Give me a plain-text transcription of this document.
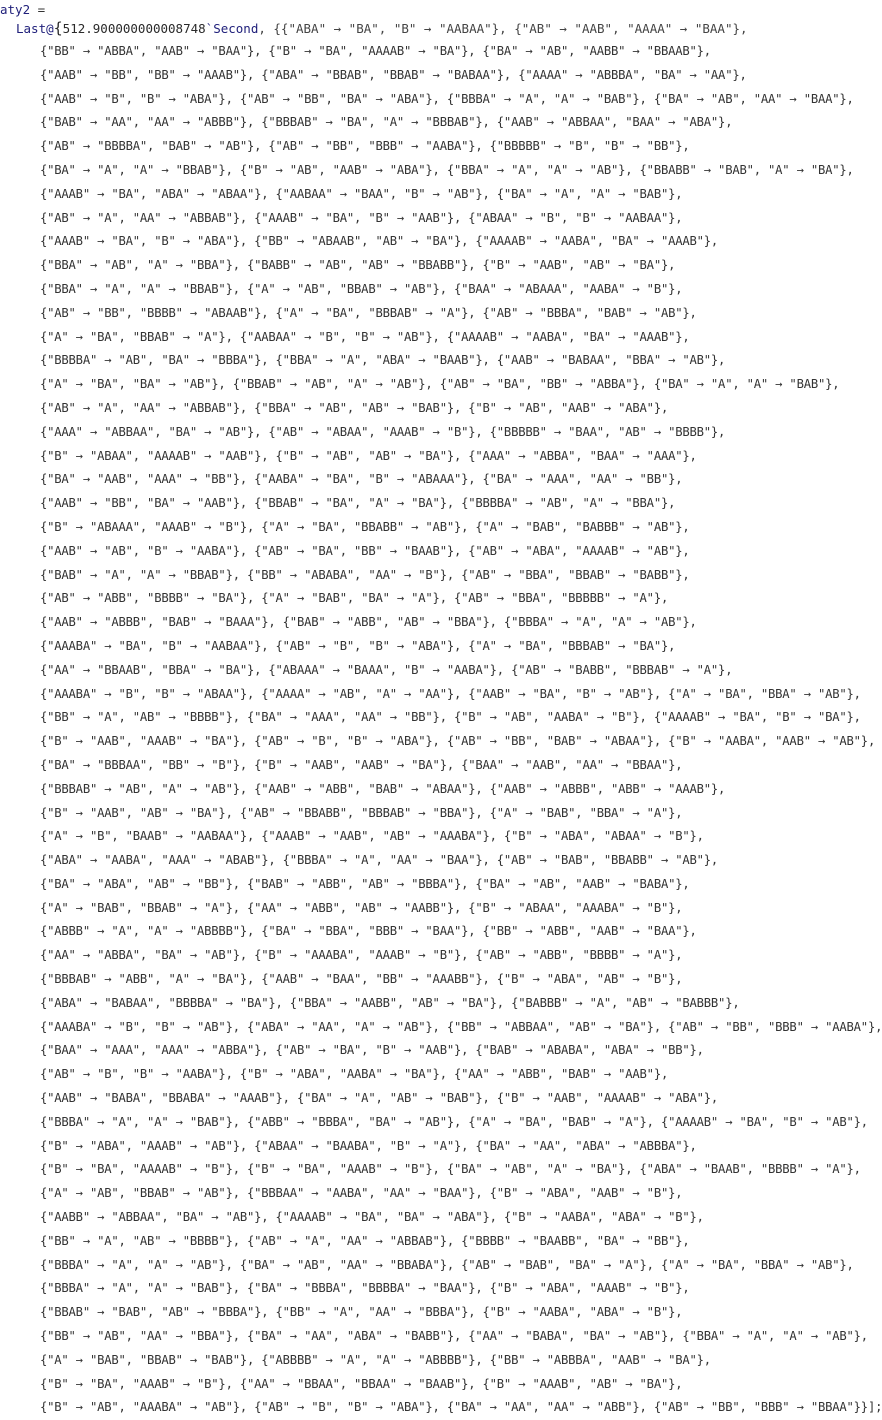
aty2 =
Last@{512.900000000008748`Second, {{"ABA" → "BA", "B" → "AABAA"}, {"AB" → "AAB", "AAAA" → "BAA"},
{"BB" → "ABBA", "AAB" → "BAA"}, {"B" → "BA", "AAAAB" → "BA"}, {"BA" → "AB", "AABB" → "BBAAB"},
{"AAB" → "BB", "BB" → "AAAB"}, {"ABA" → "BBAB", "BBAB" → "BABAA"}, {"AAAA" → "ABBBA", "BA" → "AA"},
{"AAB" → "B", "B" → "ABA"}, {"AB" → "BB", "BA" → "ABA"}, {"BBBA" → "A", "A" → "BAB"}, {"BA" → "AB", "AA" → "BAA"},
{"BAB" → "AA", "AA" → "ABBB"}, {"BBBAB" → "BA", "A" → "BBBAB"}, {"AAB" → "ABBAA", "BAA" → "ABA"},
{"AB" → "BBBBA", "BAB" → "AB"}, {"AB" → "BB", "BBB" → "AABA"}, {"BBBBB" → "B", "B" → "BB"},
{"BA" → "A", "A" → "BBAB"}, {"B" → "AB", "AAB" → "ABA"}, {"BBA" → "A", "A" → "AB"}, {"BBABB" → "BAB", "A" → "BA"},
{"AAAB" → "BA", "ABA" → "ABAA"}, {"AABAA" → "BAA", "B" → "AB"}, {"BA" → "A", "A" → "BAB"},
{"AB" → "A", "AA" → "ABBAB"}, {"AAAB" → "BA", "B" → "AAB"}, {"ABAA" → "B", "B" → "AABAA"},
{"AAAB" → "BA", "B" → "ABA"}, {"BB" → "ABAAB", "AB" → "BA"}, {"AAAAB" → "AABA", "BA" → "AAAB"},
{"BBA" → "AB", "A" → "BBA"}, {"BABB" → "AB", "AB" → "BBABB"}, {"B" → "AAB", "AB" → "BA"},
{"BBA" → "A", "A" → "BBAB"}, {"A" → "AB", "BBAB" → "AB"}, {"BAA" → "ABAAA", "AABA" → "B"},
{"AB" → "BB", "BBBB" → "ABAAB"}, {"A" → "BA", "BBBAB" → "A"}, {"AB" → "BBBA", "BAB" → "AB"},
{"A" → "BA", "BBAB" → "A"}, {"AABAA" → "B", "B" → "AB"}, {"AAAAB" → "AABA", "BA" → "AAAB"},
{"BBBBA" → "AB", "BA" → "BBBA"}, {"BBA" → "A", "ABA" → "BAAB"}, {"AAB" → "BABAA", "BBA" → "AB"},
{"A" → "BA", "BA" → "AB"}, {"BBAB" → "AB", "A" → "AB"}, {"AB" → "BA", "BB" → "ABBA"}, {"BA" → "A", "A" → "BAB"},
{"AB" → "A", "AA" → "ABBAB"}, {"BBA" → "AB", "AB" → "BAB"}, {"B" → "AB", "AAB" → "ABA"},
{"AAA" → "ABBAA", "BA" → "AB"}, {"AB" → "ABAA", "AAAB" → "B"}, {"BBBBB" → "BAA", "AB" → "BBBB"},
{"B" → "ABAA", "AAAAB" → "AAB"}, {"B" → "AB", "AB" → "BA"}, {"AAA" → "ABBA", "BAA" → "AAA"},
{"BA" → "AAB", "AAA" → "BB"}, {"AABA" → "BA", "B" → "ABAAA"}, {"BA" → "AAA", "AA" → "BB"},
{"AAB" → "BB", "BA" → "AAB"}, {"BBAB" → "BA", "A" → "BA"}, {"BBBBA" → "AB", "A" → "BBA"},
{"B" → "ABAAA", "AAAB" → "B"}, {"A" → "BA", "BBABB" → "AB"}, {"A" → "BAB", "BABBB" → "AB"},
{"AAB" → "AB", "B" → "AABA"}, {"AB" → "BA", "BB" → "BAAB"}, {"AB" → "ABA", "AAAAB" → "AB"},
{"BAB" → "A", "A" → "BBAB"}, {"BB" → "ABABA", "AA" → "B"}, {"AB" → "BBA", "BBAB" → "BABB"},
{"AB" → "ABB", "BBBB" → "BA"}, {"A" → "BAB", "BA" → "A"}, {"AB" → "BBA", "BBBBB" → "A"},
{"AAB" → "ABBB", "BAB" → "BAAA"}, {"BAB" → "ABB", "AB" → "BBA"}, {"BBBA" → "A", "A" → "AB"},
{"AAABA" → "BA", "B" → "AABAA"}, {"AB" → "B", "B" → "ABA"}, {"A" → "BA", "BBBAB" → "BA"},
{"AA" → "BBAAB", "BBA" → "BA"}, {"ABAAA" → "BAAA", "B" → "AABA"}, {"AB" → "BABB", "BBBAB" → "A"},
{"AAABA" → "B", "B" → "ABAA"}, {"AAAA" → "AB", "A" → "AA"}, {"AAB" → "BA", "B" → "AB"}, {"A" → "BA", "BBA" → "AB"},
{"BB" → "A", "AB" → "BBBB"}, {"BA" → "AAA", "AA" → "BB"}, {"B" → "AB", "AABA" → "B"}, {"AAAAB" → "BA", "B" → "BA"},
{"B" → "AAB", "AAAB" → "BA"}, {"AB" → "B", "B" → "ABA"}, {"AB" → "BB", "BAB" → "ABAA"}, {"B" → "AABA", "AAB" → "AB"},
{"BA" → "BBBAA", "BB" → "B"}, {"B" → "AAB", "AAB" → "BA"}, {"BAA" → "AAB", "AA" → "BBAA"},
{"BBBAB" → "AB", "A" → "AB"}, {"AAB" → "ABB", "BAB" → "ABAA"}, {"AAB" → "ABBB", "ABB" → "AAAB"},
{"B" → "AAB", "AB" → "BA"}, {"AB" → "BBABB", "BBBAB" → "BBA"}, {"A" → "BAB", "BBA" → "A"},
{"A" → "B", "BAAB" → "AABAA"}, {"AAAB" → "AAB", "AB" → "AAABA"}, {"B" → "ABA", "ABAA" → "B"},
{"ABA" → "AABA", "AAA" → "ABAB"}, {"BBBA" → "A", "AA" → "BAA"}, {"AB" → "BAB", "BBABB" → "AB"},
{"BA" → "ABA", "AB" → "BB"}, {"BAB" → "ABB", "AB" → "BBBA"}, {"BA" → "AB", "AAB" → "BABA"},
{"A" → "BAB", "BBAB" → "A"}, {"AA" → "ABB", "AB" → "AABB"}, {"B" → "ABAA", "AAABA" → "B"},
{"ABBB" → "A", "A" → "ABBBB"}, {"BA" → "BBA", "BBB" → "BAA"}, {"BB" → "ABB", "AAB" → "BAA"},
{"AA" → "ABBA", "BA" → "AB"}, {"B" → "AAABA", "AAAB" → "B"}, {"AB" → "ABB", "BBBB" → "A"},
{"BBBAB" → "ABB", "A" → "BA"}, {"AAB" → "BAA", "BB" → "AAABB"}, {"B" → "ABA", "AB" → "B"},
{"ABA" → "BABAA", "BBBBA" → "BA"}, {"BBA" → "AABB", "AB" → "BA"}, {"BABBB" → "A", "AB" → "BABBB"},
{"AAABA" → "B", "B" → "AB"}, {"ABA" → "AA", "A" → "AB"}, {"BB" → "ABBAA", "AB" → "BA"}, {"AB" → "BB", "BBB" → "AABA"},
{"BAA" → "AAA", "AAA" → "ABBA"}, {"AB" → "BA", "B" → "AAB"}, {"BAB" → "ABABA", "ABA" → "BB"},
{"AB" → "B", "B" → "AABA"}, {"B" → "ABA", "AABA" → "BA"}, {"AA" → "ABB", "BAB" → "AAB"},
{"AAB" → "BABA", "BBABA" → "AAAB"}, {"BA" → "A", "AB" → "BAB"}, {"B" → "AAB", "AAAAB" → "ABA"},
{"BBBA" → "A", "A" → "BAB"}, {"ABB" → "BBBA", "BA" → "AB"}, {"A" → "BA", "BAB" → "A"}, {"AAAAB" → "BA", "B" → "AB"},
{"B" → "ABA", "AAAB" → "AB"}, {"ABAA" → "BAABA", "B" → "A"}, {"BA" → "AA", "ABA" → "ABBBA"},
{"B" → "BA", "AAAAB" → "B"}, {"B" → "BA", "AAAB" → "B"}, {"BA" → "AB", "A" → "BA"}, {"ABA" → "BAAB", "BBBB" → "A"},
{"A" → "AB", "BBAB" → "AB"}, {"BBBAA" → "AABA", "AA" → "BAA"}, {"B" → "ABA", "AAB" → "B"},
{"AABB" → "ABBAA", "BA" → "AB"}, {"AAAAB" → "BA", "BA" → "ABA"}, {"B" → "AABA", "ABA" → "B"},
{"BB" → "A", "AB" → "BBBB"}, {"AB" → "A", "AA" → "ABBAB"}, {"BBBB" → "BAABB", "BA" → "BB"},
{"BBBA" → "A", "A" → "AB"}, {"BA" → "AB", "AA" → "BBABA"}, {"AB" → "BAB", "BA" → "A"}, {"A" → "BA", "BBA" → "AB"},
{"BBBA" → "A", "A" → "BAB"}, {"BA" → "BBBA", "BBBBA" → "BAA"}, {"B" → "ABA", "AAAB" → "B"},
{"BBAB" → "BAB", "AB" → "BBBA"}, {"BB" → "A", "AA" → "BBBA"}, {"B" → "AABA", "ABA" → "B"},
{"BB" → "AB", "AA" → "BBA"}, {"BA" → "AA", "ABA" → "BABB"}, {"AA" → "BABA", "BA" → "AB"}, {"BBA" → "A", "A" → "AB"},
{"A" → "BAB", "BBAB" → "BAB"}, {"ABBBB" → "A", "A" → "ABBBB"}, {"BB" → "ABBBA", "AAB" → "BA"},
{"B" → "BA", "AAAB" → "B"}, {"AA" → "BBAA", "BBAA" → "BAAB"}, {"B" → "AAAB", "AB" → "BA"},
{"B" → "AB", "AAABA" → "AB"}, {"AB" → "B", "B" → "ABA"}, {"BA" → "AA", "AA" → "ABB"}, {"AB" → "BB", "BBB" → "BBAA"}}];
